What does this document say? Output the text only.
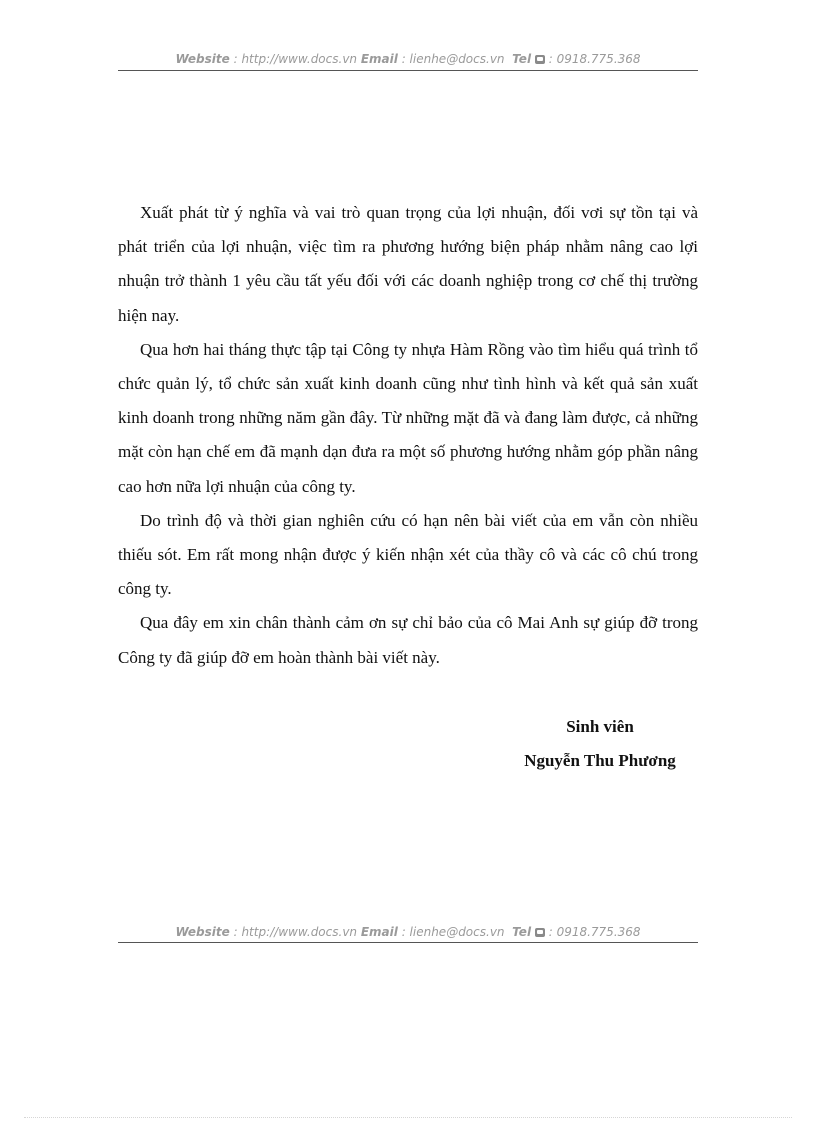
Website : http://www.docs.vn Email : lienhe@docs.vn  Tel  : 0918.775.368

Xuất phát từ ý nghĩa và vai trò quan trọng của lợi nhuận, đối vơi sự tồn tại và phát triển của lợi nhuận, việc tìm ra phương hướng biện pháp nhằm nâng cao lợi nhuận trở thành 1 yêu cầu tất yếu đối với các doanh nghiệp trong cơ chế thị trường hiện nay.

Qua hơn hai tháng thực tập tại Công ty nhựa Hàm Rồng vào tìm hiểu quá trình tổ chức quản lý, tổ chức sản xuất kinh doanh cũng như tình hình và kết quả sản xuất kinh doanh trong những năm gần đây. Từ những mặt đã và đang làm được, cả những mặt còn hạn chế em đã mạnh dạn đưa ra một số phương hướng nhằm góp phần nâng cao hơn nữa lợi nhuận của công ty.

Do trình độ và thời gian nghiên cứu có hạn nên bài viết của em vẫn còn nhiều thiếu sót. Em rất mong nhận được ý kiến nhận xét của thầy cô và các cô chú trong công ty.

Qua đây em xin chân thành cảm ơn sự chỉ bảo của cô Mai Anh sự giúp đỡ trong Công ty đã giúp đỡ em hoàn thành bài viết này.

Sinh viên
Nguyễn Thu Phương
Website : http://www.docs.vn Email : lienhe@docs.vn  Tel  : 0918.775.368
